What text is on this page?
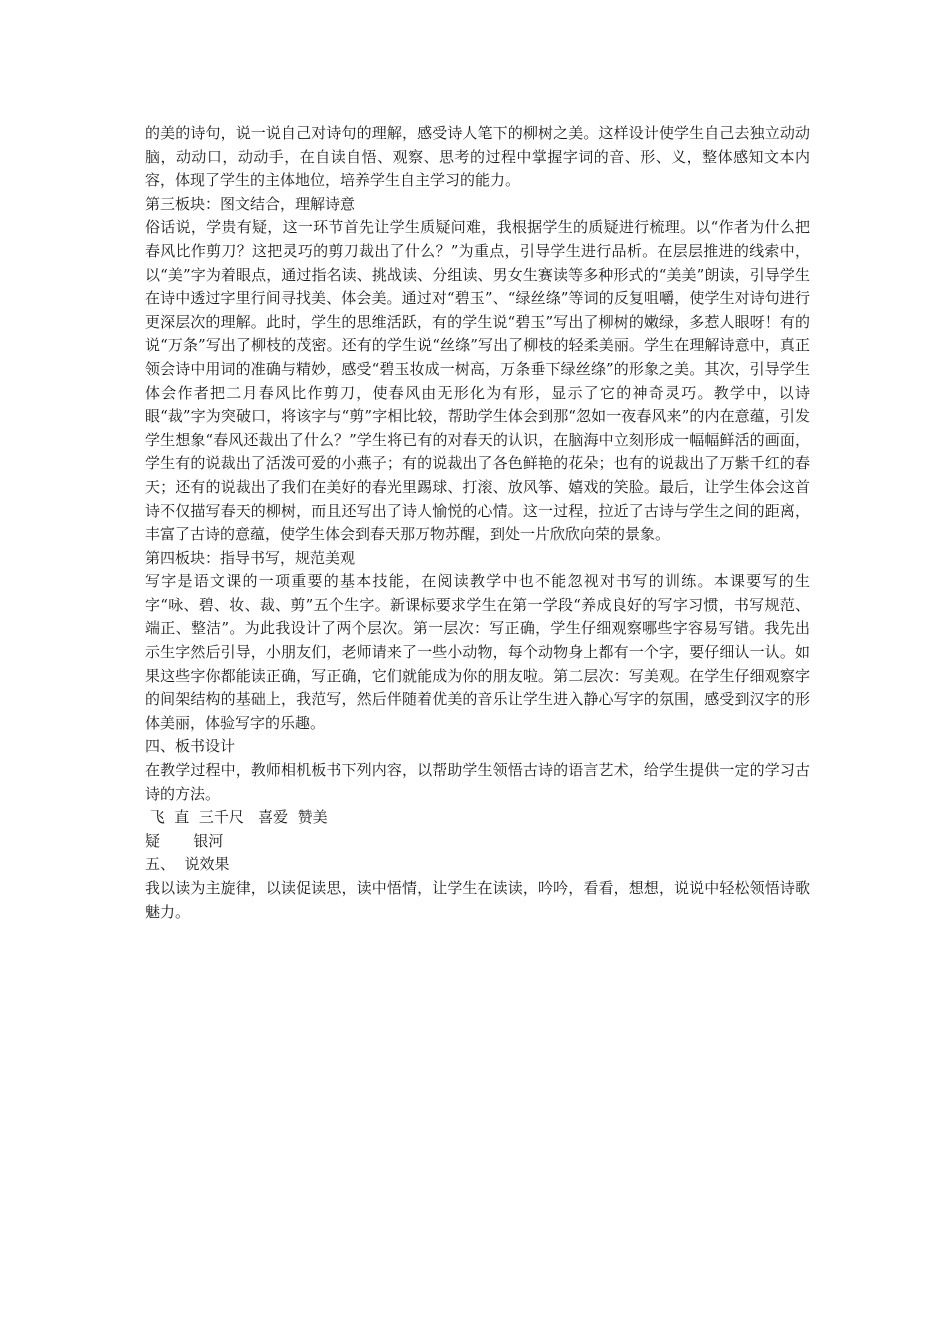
的美的诗句，说一说自己对诗句的理解，感受诗人笔下的柳树之美。这样设计使学生自己去独立动动脑，动动口，动动手，在自读自悟、观察、思考的过程中掌握字词的音、形、义，整体感知文本内容，体现了学生的主体地位，培养学生自主学习的能力。

第三板块：图文结合，理解诗意

俗话说，学贵有疑，这一环节首先让学生质疑问难，我根据学生的质疑进行梳理。以“作者为什么把春风比作剪刀？这把灵巧的剪刀裁出了什么？”为重点，引导学生进行品析。在层层推进的线索中，以“美”字为着眼点，通过指名读、挑战读、分组读、男女生赛读等多种形式的“美美”朗读，引导学生在诗中透过字里行间寻找美、体会美。通过对“碧玉”、“绿丝绦”等词的反复咀嚼，使学生对诗句进行更深层次的理解。此时，学生的思维活跃，有的学生说“碧玉”写出了柳树的嫩绿，多惹人眼呀！有的说“万条”写出了柳枝的茂密。还有的学生说“丝绦”写出了柳枝的轻柔美丽。学生在理解诗意中，真正领会诗中用词的准确与精妙，感受“碧玉妆成一树高，万条垂下绿丝绦”的形象之美。其次，引导学生体会作者把二月春风比作剪刀，使春风由无形化为有形，显示了它的神奇灵巧。教学中，以诗眼“裁”字为突破口，将该字与“剪”字相比较，帮助学生体会到那“忽如一夜春风来”的内在意蕴，引发学生想象“春风还裁出了什么？”学生将已有的对春天的认识，在脑海中立刻形成一幅幅鲜活的画面，学生有的说裁出了活泼可爱的小燕子；有的说裁出了各色鲜艳的花朵；也有的说裁出了万紫千红的春天；还有的说裁出了我们在美好的春光里踢球、打滚、放风筝、嬉戏的笑脸。最后，让学生体会这首诗不仅描写春天的柳树，而且还写出了诗人愉悦的心情。这一过程，拉近了古诗与学生之间的距离，丰富了古诗的意蕴，使学生体会到春天那万物苏醒，到处一片欣欣向荣的景象。

第四板块：指导书写，规范美观

写字是语文课的一项重要的基本技能，在阅读教学中也不能忽视对书写的训练。本课要写的生字“咏、碧、妆、裁、剪”五个生字。新课标要求学生在第一学段“养成良好的写字习惯，书写规范、端正、整洁”。为此我设计了两个层次。第一层次：写正确，学生仔细观察哪些字容易写错。我先出示生字然后引导，小朋友们，老师请来了一些小动物，每个动物身上都有一个字，要仔细认一认。如果这些字你都能读正确，写正确，它们就能成为你的朋友啦。第二层次：写美观。在学生仔细观察字的间架结构的基础上，我范写，然后伴随着优美的音乐让学生进入静心写字的氛围，感受到汉字的形体美丽，体验写字的乐趣。

四、板书设计

在教学过程中，教师相机板书下列内容，以帮助学生领悟古诗的语言艺术，给学生提供一定的学习古诗的方法。

飞  直  三千尺   喜爱  赞美

疑       银河

五、  说效果

我以读为主旋律，以读促读思，读中悟情，让学生在读读，吟吟，看看，想想，说说中轻松领悟诗歌魅力。
